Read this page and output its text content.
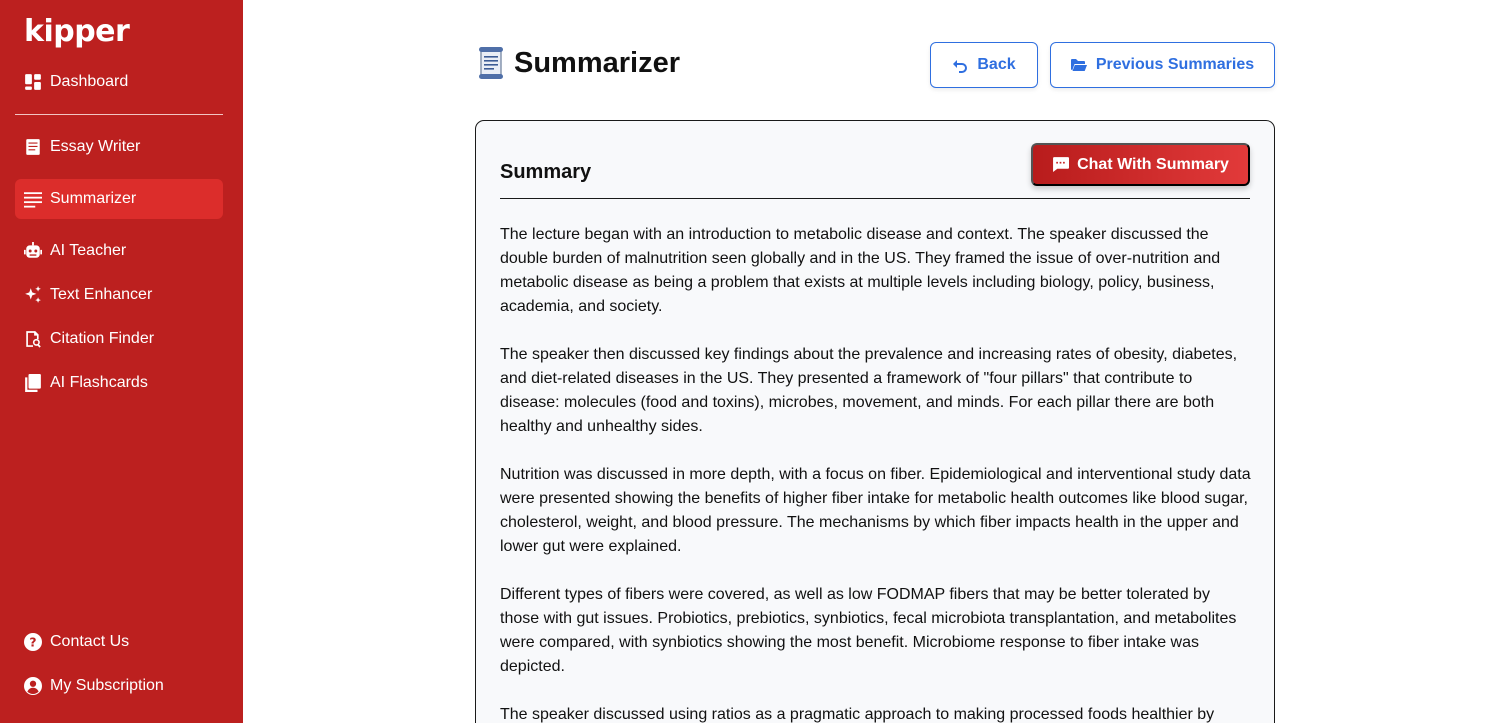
kipper
Dashboard
Essay Writer
Summarizer
AI Teacher
Text Enhancer
Citation Finder
AI Flashcards
? Contact Us
My Subscription
Summarizer	Back	Previous Summaries
Summary	Chat With Summary

The lecture began with an introduction to metabolic disease and context. The speaker discussed the double burden of malnutrition seen globally and in the US. They framed the issue of over-nutrition and metabolic disease as being a problem that exists at multiple levels including biology, policy, business, academia, and society.

The speaker then discussed key findings about the prevalence and increasing rates of obesity, diabetes, and diet-related diseases in the US. They presented a framework of "four pillars" that contribute to disease: molecules (food and toxins), microbes, movement, and minds. For each pillar there are both healthy and unhealthy sides.

Nutrition was discussed in more depth, with a focus on fiber. Epidemiological and interventional study data were presented showing the benefits of higher fiber intake for metabolic health outcomes like blood sugar, cholesterol, weight, and blood pressure. The mechanisms by which fiber impacts health in the upper and lower gut were explained.

Different types of fibers were covered, as well as low FODMAP fibers that may be better tolerated by those with gut issues. Probiotics, prebiotics, synbiotics, fecal microbiota transplantation, and metabolites were compared, with synbiotics showing the most benefit. Microbiome response to fiber intake was depicted.

The speaker discussed using ratios as a pragmatic approach to making processed foods healthier by
